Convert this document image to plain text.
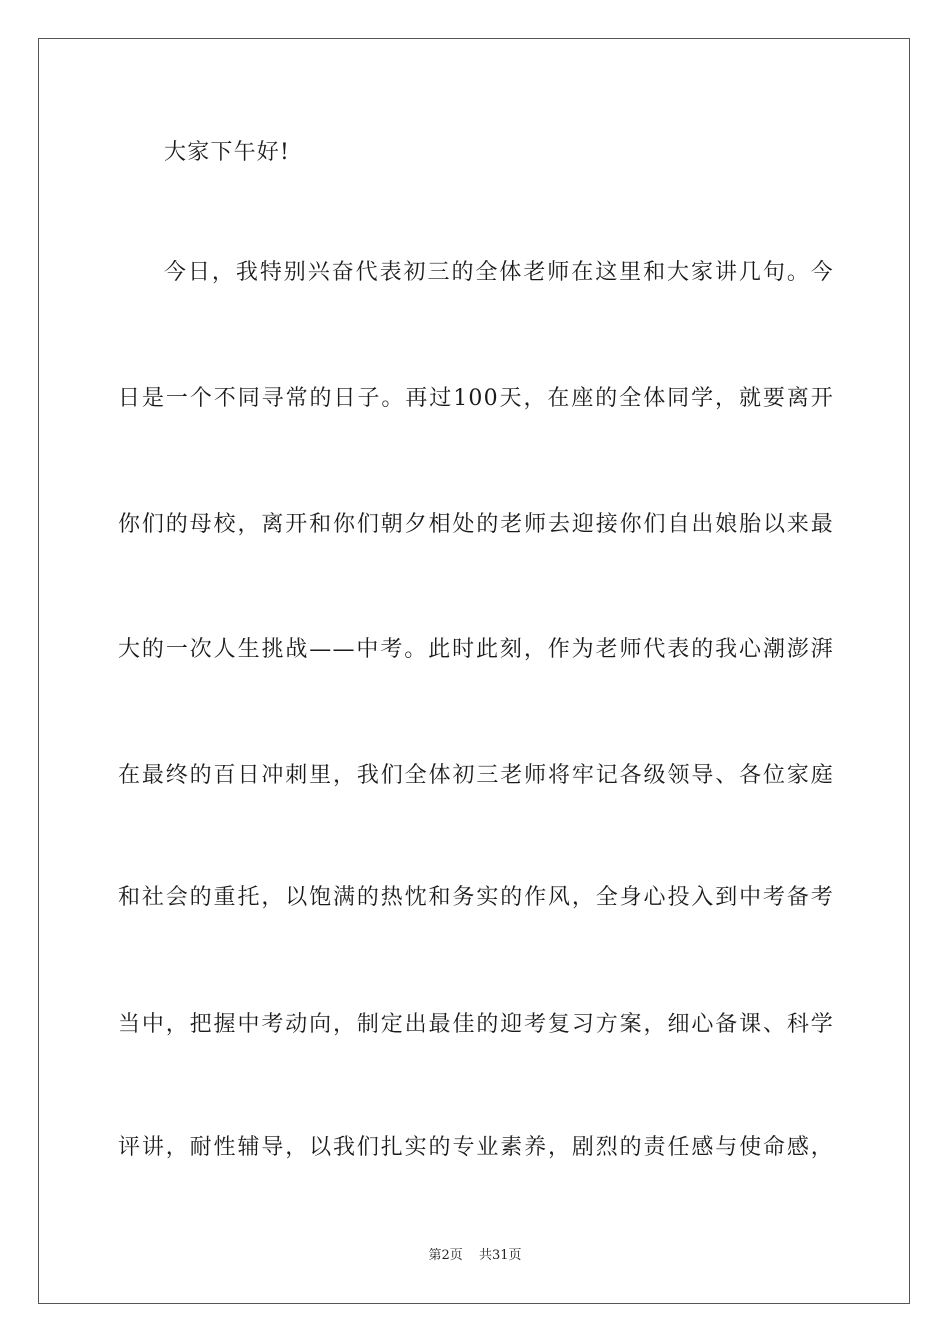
大家下午好!
今日，我特别兴奋代表初三的全体老师在这里和大家讲几句。今
日是一个不同寻常的日子。再过100天，在座的全体同学，就要离开
你们的母校，离开和你们朝夕相处的老师去迎接你们自出娘胎以来最
大的一次人生挑战——中考。此时此刻，作为老师代表的我心潮澎湃
在最终的百日冲刺里，我们全体初三老师将牢记各级领导、各位家庭
和社会的重托，以饱满的热忱和务实的作风，全身心投入到中考备考
当中，把握中考动向，制定出最佳的迎考复习方案，细心备课、科学
评讲，耐性辅导，以我们扎实的专业素养，剧烈的责任感与使命感，
第2页 共31页
